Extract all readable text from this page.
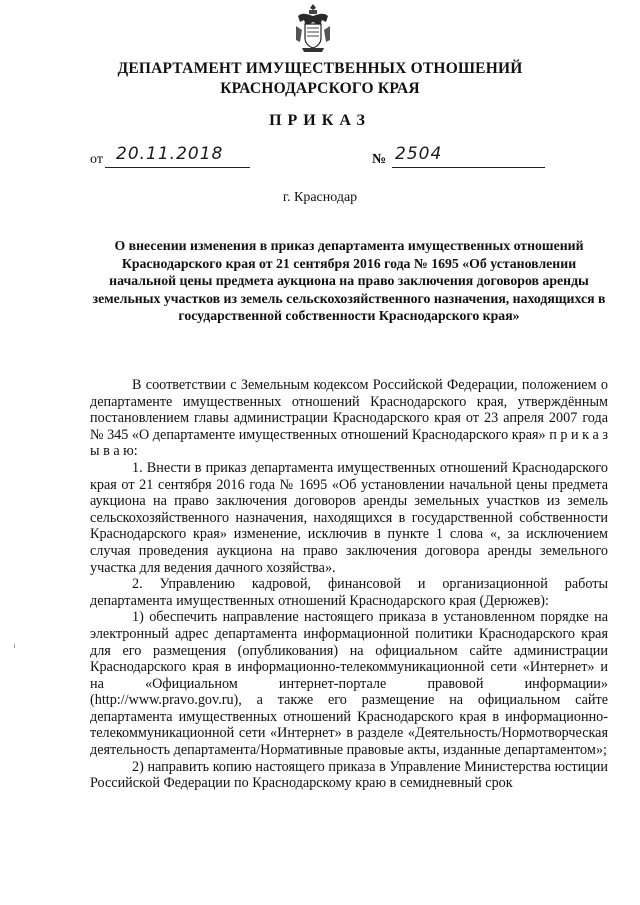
ДЕПАРТАМЕНТ ИМУЩЕСТВЕННЫХ ОТНОШЕНИЙ
КРАСНОДАРСКОГО КРАЯ
ПРИКАЗ
от 20.11.2018	№ 2504
г. Краснодар
О внесении изменения в приказ департамента имущественных отношений Краснодарского края от 21 сентября 2016 года № 1695 «Об установлении начальной цены предмета аукциона на право заключения договоров аренды земельных участков из земель сельскохозяйственного назначения, находящихся в государственной собственности Краснодарского края»

В соответствии с Земельным кодексом Российской Федерации, положением о департаменте имущественных отношений Краснодарского края, утверждённым постановлением главы администрации Краснодарского края от 23 апреля 2007 года № 345 «О департаменте имущественных отношений Краснодарского края» п р и к а з ы в а ю:

1. Внести в приказ департамента имущественных отношений Краснодарского края от 21 сентября 2016 года № 1695 «Об установлении начальной цены предмета аукциона на право заключения договоров аренды земельных участков из земель сельскохозяйственного назначения, находящихся в государственной собственности Краснодарского края» изменение, исключив в пункте 1 слова «, за исключением случая проведения аукциона на право заключения договора аренды земельного участка для ведения дачного хозяйства».

2. Управлению кадровой, финансовой и организационной работы департамента имущественных отношений Краснодарского края (Дерюжев):

1) обеспечить направление настоящего приказа в установленном порядке на электронный адрес департамента информационной политики Краснодарского края для его размещения (опубликования) на официальном сайте администрации Краснодарского края в информационно-телекоммуникационной сети «Интернет» и на «Официальном интернет-портале правовой информации» (http://www.pravo.gov.ru), а также его размещение на официальном сайте департамента имущественных отношений Краснодарского края в информационно-телекоммуникационной сети «Интернет» в разделе «Деятельность/Нормотворческая деятельность департамента/Нормативные правовые акты, изданные департаментом»;

2) направить копию настоящего приказа в Управление Министерства юстиции Российской Федерации по Краснодарскому краю в семидневный срок
